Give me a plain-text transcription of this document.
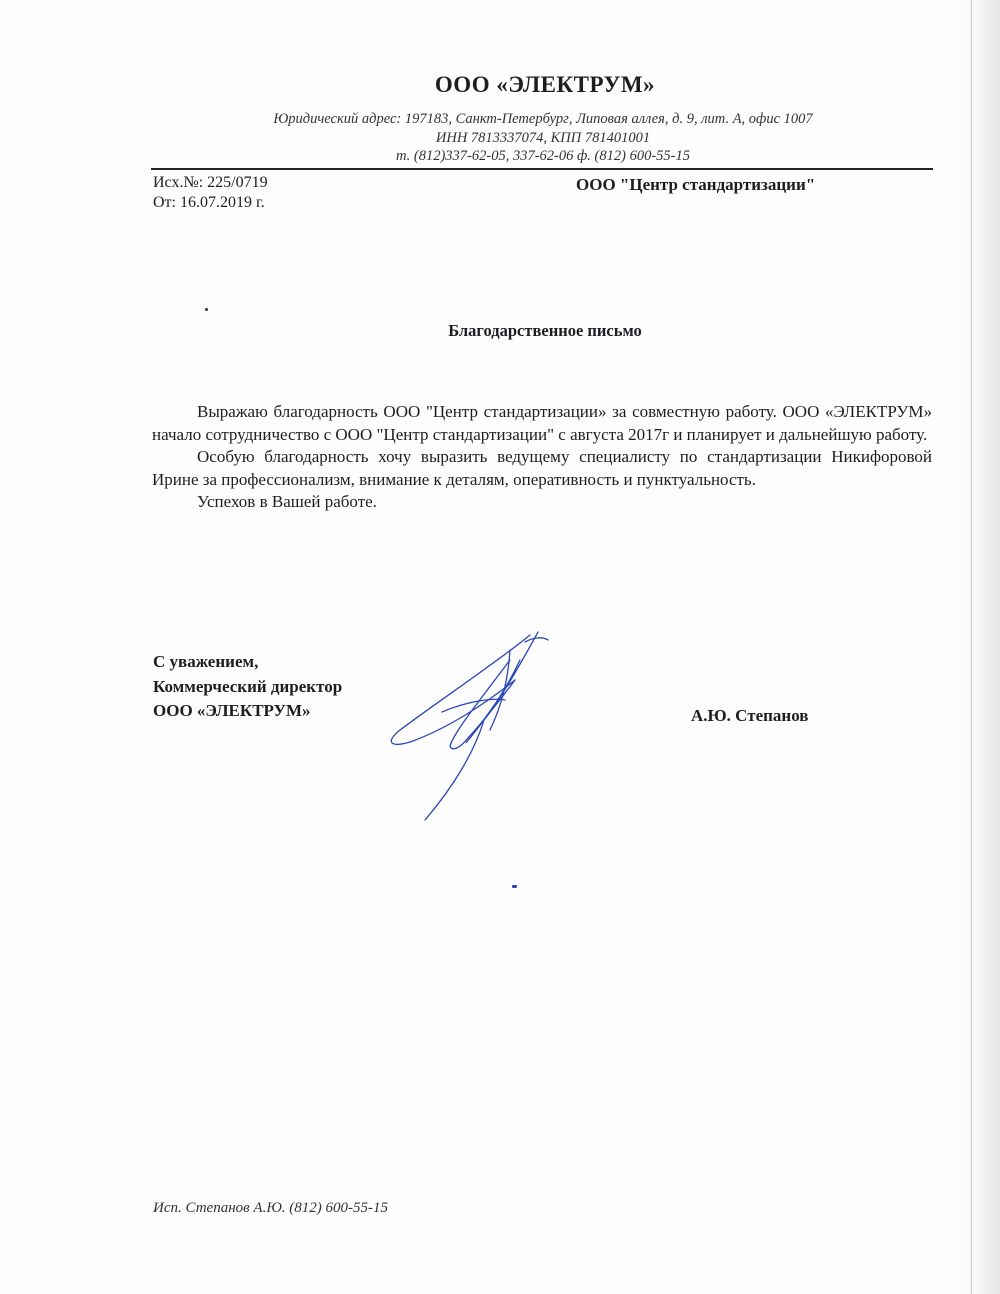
ООО «ЭЛЕКТРУМ»
Юридический адрес: 197183, Санкт-Петербург, Липовая аллея, д. 9, лит. А, офис 1007
ИНН 7813337074, КПП 781401001
т. (812)337-62-05, 337-62-06 ф. (812) 600-55-15
Исх.№: 225/0719
От: 16.07.2019 г.
ООО "Центр стандартизации"
Благодарственное письмо

Выражаю благодарность ООО "Центр стандартизации» за совместную работу. ООО «ЭЛЕКТРУМ» начало сотрудничество с ООО "Центр стандартизации" с августа 2017г и планирует и дальнейшую работу.

Особую благодарность хочу выразить ведущему специалисту по стандартизации Никифоровой Ирине за профессионализм, внимание к деталям, оперативность и пунктуальность.

Успехов в Вашей работе.

С уважением,
Коммерческий директор
ООО «ЭЛЕКТРУМ»	А.Ю. Степанов
Исп. Степанов А.Ю. (812) 600-55-15
